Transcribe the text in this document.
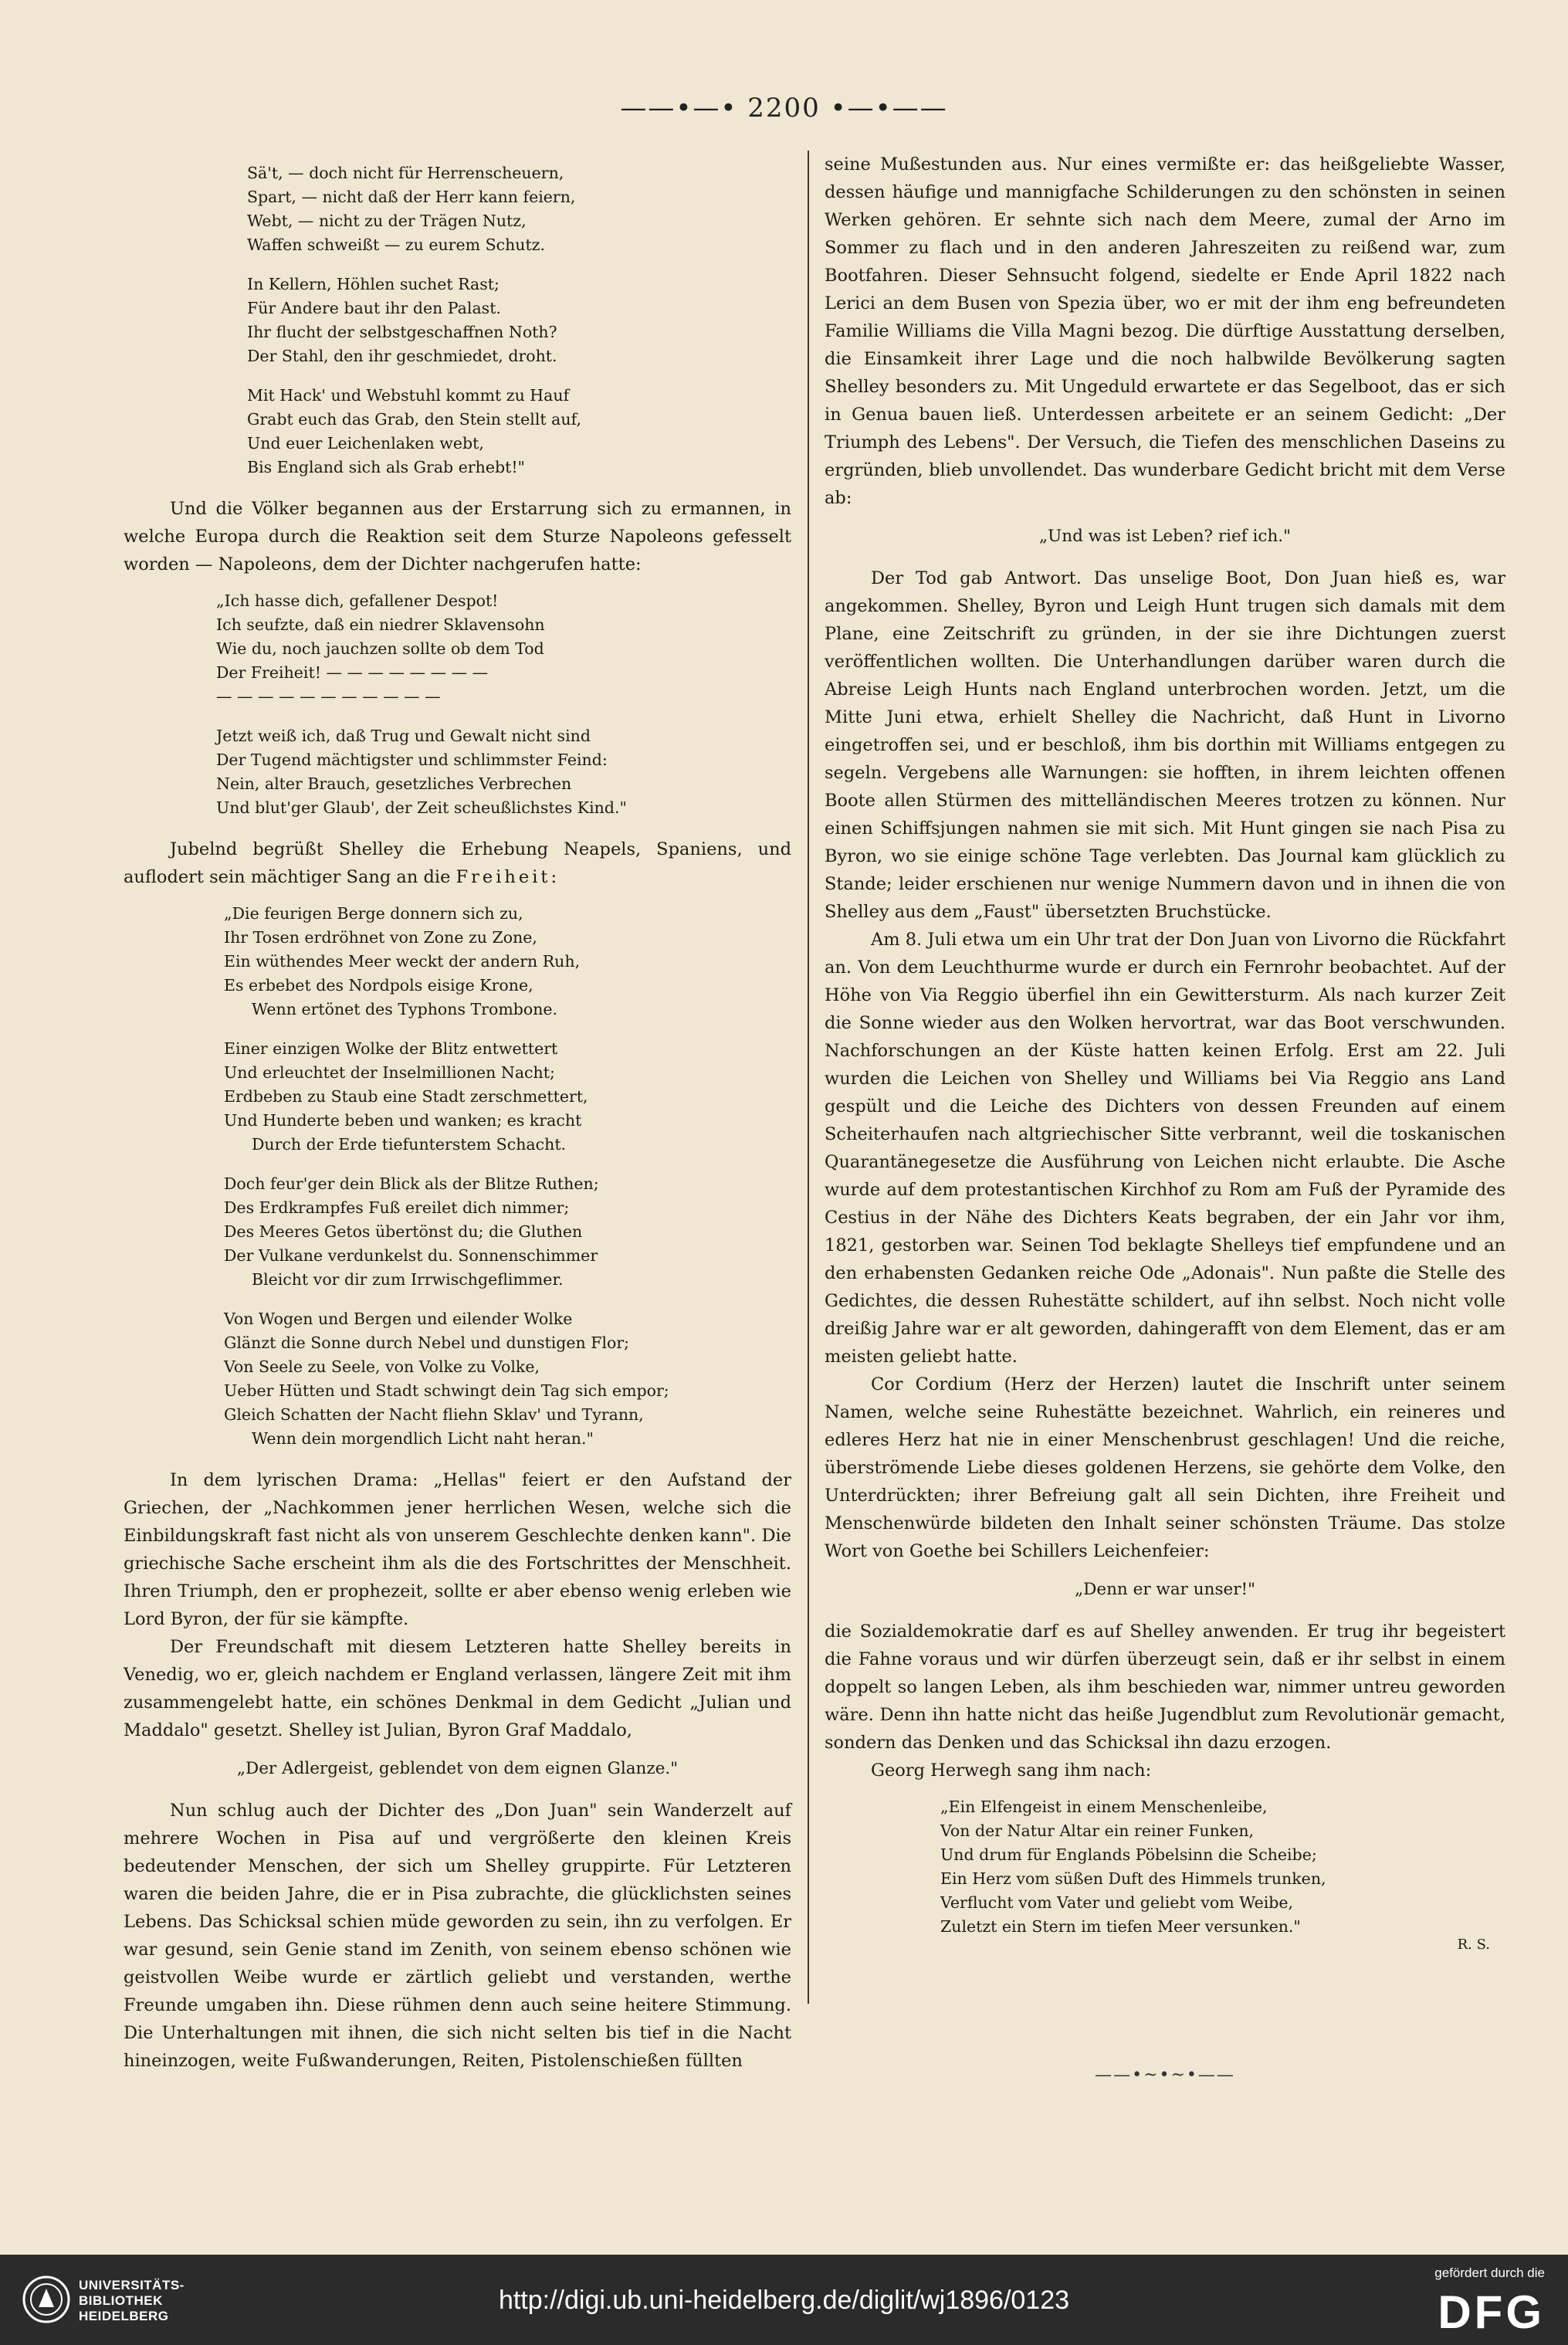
——•—• 2200 •—•——
Sä't, — doch nicht für Herrenscheuern,
Spart, — nicht daß der Herr kann feiern,
Webt, — nicht zu der Trägen Nutz,
Waffen schweißt — zu eurem Schutz.
In Kellern, Höhlen suchet Rast;
Für Andere baut ihr den Palast.
Ihr flucht der selbstgeschaffnen Noth?
Der Stahl, den ihr geschmiedet, droht.
Mit Hack' und Webstuhl kommt zu Hauf
Grabt euch das Grab, den Stein stellt auf,
Und euer Leichenlaken webt,
Bis England sich als Grab erhebt!"

Und die Völker begannen aus der Erstarrung sich zu ermannen, in welche Europa durch die Reaktion seit dem Sturze Napoleons gefesselt worden — Napoleons, dem der Dichter nachgerufen hatte:

„Ich hasse dich, gefallener Despot!
Ich seufzte, daß ein niedrer Sklavensohn
Wie du, noch jauchzen sollte ob dem Tod
Der Freiheit! — — — — — — — —
— — — — — — — — — — —
Jetzt weiß ich, daß Trug und Gewalt nicht sind
Der Tugend mächtigster und schlimmster Feind:
Nein, alter Brauch, gesetzliches Verbrechen
Und blut'ger Glaub', der Zeit scheußlichstes Kind."

Jubelnd begrüßt Shelley die Erhebung Neapels, Spaniens, und auflodert sein mächtiger Sang an die Freiheit:

„Die feurigen Berge donnern sich zu,
Ihr Tosen erdröhnet von Zone zu Zone,
Ein wüthendes Meer weckt der andern Ruh,
Es erbebet des Nordpols eisige Krone,
Wenn ertönet des Typhons Trombone.
Einer einzigen Wolke der Blitz entwettert
Und erleuchtet der Inselmillionen Nacht;
Erdbeben zu Staub eine Stadt zerschmettert,
Und Hunderte beben und wanken; es kracht
Durch der Erde tiefunterstem Schacht.
Doch feur'ger dein Blick als der Blitze Ruthen;
Des Erdkrampfes Fuß ereilet dich nimmer;
Des Meeres Getos übertönst du; die Gluthen
Der Vulkane verdunkelst du. Sonnenschimmer
Bleicht vor dir zum Irrwischgeflimmer.
Von Wogen und Bergen und eilender Wolke
Glänzt die Sonne durch Nebel und dunstigen Flor;
Von Seele zu Seele, von Volke zu Volke,
Ueber Hütten und Stadt schwingt dein Tag sich empor;
Gleich Schatten der Nacht fliehn Sklav' und Tyrann,
Wenn dein morgendlich Licht naht heran."

In dem lyrischen Drama: „Hellas" feiert er den Aufstand der Griechen, der „Nachkommen jener herrlichen Wesen, welche sich die Einbildungskraft fast nicht als von unserem Geschlechte denken kann". Die griechische Sache erscheint ihm als die des Fortschrittes der Menschheit. Ihren Triumph, den er prophezeit, sollte er aber ebenso wenig erleben wie Lord Byron, der für sie kämpfte.

Der Freundschaft mit diesem Letzteren hatte Shelley bereits in Venedig, wo er, gleich nachdem er England verlassen, längere Zeit mit ihm zusammengelebt hatte, ein schönes Denkmal in dem Gedicht „Julian und Maddalo" gesetzt. Shelley ist Julian, Byron Graf Maddalo,

„Der Adlergeist, geblendet von dem eignen Glanze."

Nun schlug auch der Dichter des „Don Juan" sein Wanderzelt auf mehrere Wochen in Pisa auf und vergrößerte den kleinen Kreis bedeutender Menschen, der sich um Shelley gruppirte. Für Letzteren waren die beiden Jahre, die er in Pisa zubrachte, die glücklichsten seines Lebens. Das Schicksal schien müde geworden zu sein, ihn zu verfolgen. Er war gesund, sein Genie stand im Zenith, von seinem ebenso schönen wie geistvollen Weibe wurde er zärtlich geliebt und verstanden, werthe Freunde umgaben ihn. Diese rühmen denn auch seine heitere Stimmung. Die Unterhaltungen mit ihnen, die sich nicht selten bis tief in die Nacht hineinzogen, weite Fußwanderungen, Reiten, Pistolenschießen füllten

seine Mußestunden aus. Nur eines vermißte er: das heißgeliebte Wasser, dessen häufige und mannigfache Schilderungen zu den schönsten in seinen Werken gehören. Er sehnte sich nach dem Meere, zumal der Arno im Sommer zu flach und in den anderen Jahreszeiten zu reißend war, zum Bootfahren. Dieser Sehnsucht folgend, siedelte er Ende April 1822 nach Lerici an dem Busen von Spezia über, wo er mit der ihm eng befreundeten Familie Williams die Villa Magni bezog. Die dürftige Ausstattung derselben, die Einsamkeit ihrer Lage und die noch halbwilde Bevölkerung sagten Shelley besonders zu. Mit Ungeduld erwartete er das Segelboot, das er sich in Genua bauen ließ. Unterdessen arbeitete er an seinem Gedicht: „Der Triumph des Lebens". Der Versuch, die Tiefen des menschlichen Daseins zu ergründen, blieb unvollendet. Das wunderbare Gedicht bricht mit dem Verse ab:

„Und was ist Leben? rief ich."

Der Tod gab Antwort. Das unselige Boot, Don Juan hieß es, war angekommen. Shelley, Byron und Leigh Hunt trugen sich damals mit dem Plane, eine Zeitschrift zu gründen, in der sie ihre Dichtungen zuerst veröffentlichen wollten. Die Unterhandlungen darüber waren durch die Abreise Leigh Hunts nach England unterbrochen worden. Jetzt, um die Mitte Juni etwa, erhielt Shelley die Nachricht, daß Hunt in Livorno eingetroffen sei, und er beschloß, ihm bis dorthin mit Williams entgegen zu segeln. Vergebens alle Warnungen: sie hofften, in ihrem leichten offenen Boote allen Stürmen des mittelländischen Meeres trotzen zu können. Nur einen Schiffsjungen nahmen sie mit sich. Mit Hunt gingen sie nach Pisa zu Byron, wo sie einige schöne Tage verlebten. Das Journal kam glücklich zu Stande; leider erschienen nur wenige Nummern davon und in ihnen die von Shelley aus dem „Faust" übersetzten Bruchstücke.

Am 8. Juli etwa um ein Uhr trat der Don Juan von Livorno die Rückfahrt an. Von dem Leuchthurme wurde er durch ein Fernrohr beobachtet. Auf der Höhe von Via Reggio überfiel ihn ein Gewittersturm. Als nach kurzer Zeit die Sonne wieder aus den Wolken hervortrat, war das Boot verschwunden. Nachforschungen an der Küste hatten keinen Erfolg. Erst am 22. Juli wurden die Leichen von Shelley und Williams bei Via Reggio ans Land gespült und die Leiche des Dichters von dessen Freunden auf einem Scheiterhaufen nach altgriechischer Sitte verbrannt, weil die toskanischen Quarantänegesetze die Ausführung von Leichen nicht erlaubte. Die Asche wurde auf dem protestantischen Kirchhof zu Rom am Fuß der Pyramide des Cestius in der Nähe des Dichters Keats begraben, der ein Jahr vor ihm, 1821, gestorben war. Seinen Tod beklagte Shelleys tief empfundene und an den erhabensten Gedanken reiche Ode „Adonais". Nun paßte die Stelle des Gedichtes, die dessen Ruhestätte schildert, auf ihn selbst. Noch nicht volle dreißig Jahre war er alt geworden, dahingerafft von dem Element, das er am meisten geliebt hatte.

Cor Cordium (Herz der Herzen) lautet die Inschrift unter seinem Namen, welche seine Ruhestätte bezeichnet. Wahrlich, ein reineres und edleres Herz hat nie in einer Menschenbrust geschlagen! Und die reiche, überströmende Liebe dieses goldenen Herzens, sie gehörte dem Volke, den Unterdrückten; ihrer Befreiung galt all sein Dichten, ihre Freiheit und Menschenwürde bildeten den Inhalt seiner schönsten Träume. Das stolze Wort von Goethe bei Schillers Leichenfeier:

„Denn er war unser!"

die Sozialdemokratie darf es auf Shelley anwenden. Er trug ihr begeistert die Fahne voraus und wir dürfen überzeugt sein, daß er ihr selbst in einem doppelt so langen Leben, als ihm beschieden war, nimmer untreu geworden wäre. Denn ihn hatte nicht das heiße Jugendblut zum Revolutionär gemacht, sondern das Denken und das Schicksal ihn dazu erzogen.

Georg Herwegh sang ihm nach:

„Ein Elfengeist in einem Menschenleibe,
Von der Natur Altar ein reiner Funken,
Und drum für Englands Pöbelsinn die Scheibe;
Ein Herz vom süßen Duft des Himmels trunken,
Verflucht vom Vater und geliebt vom Weibe,
Zuletzt ein Stern im tiefen Meer versunken."
R. S.
——•~•~•——
UNIVERSITÄTS-
BIBLIOTHEK
HEIDELBERG
http://digi.ub.uni-heidelberg.de/diglit/wj1896/0123
gefördert durch die
DFG
